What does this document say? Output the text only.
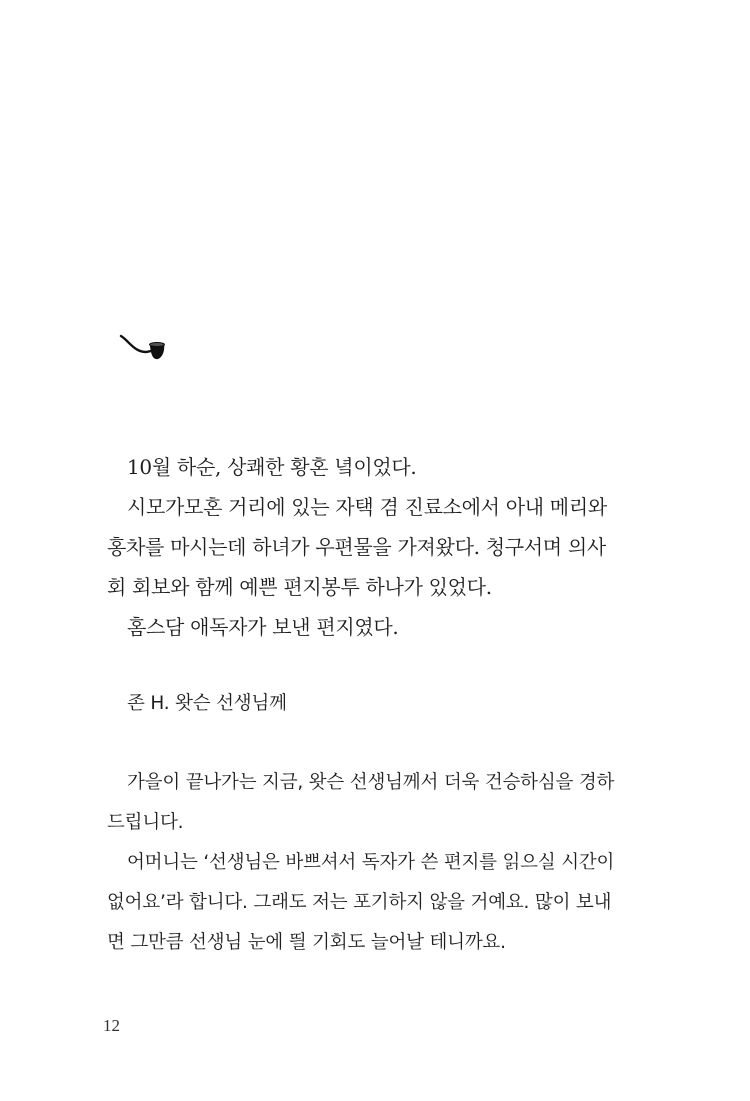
10월 하순, 상쾌한 황혼 녘이었다.
시모가모혼 거리에 있는 자택 겸 진료소에서 아내 메리와
홍차를 마시는데 하녀가 우편물을 가져왔다. 청구서며 의사
회 회보와 함께 예쁜 편지봉투 하나가 있었다.
홈스담 애독자가 보낸 편지였다.
존 H. 왓슨 선생님께
가을이 끝나가는 지금, 왓슨 선생님께서 더욱 건승하심을 경하
드립니다.
어머니는 ‘선생님은 바쁘셔서 독자가 쓴 편지를 읽으실 시간이
없어요’라 합니다. 그래도 저는 포기하지 않을 거예요. 많이 보내
면 그만큼 선생님 눈에 띌 기회도 늘어날 테니까요.
12
